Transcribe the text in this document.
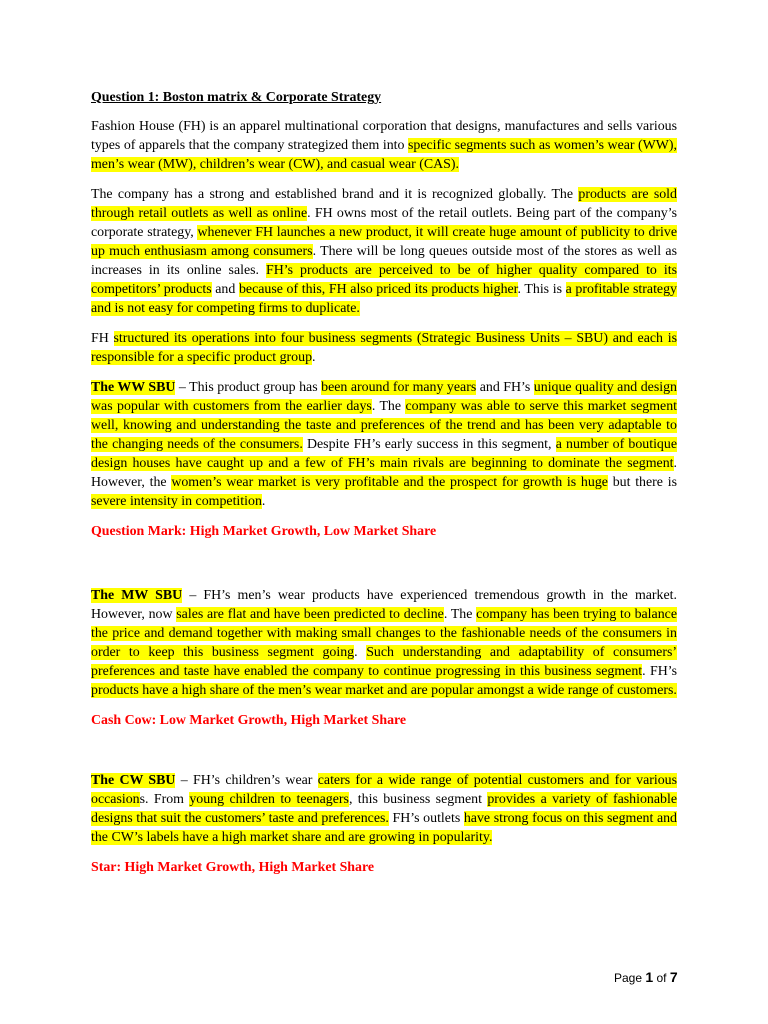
Question 1: Boston matrix & Corporate Strategy

Fashion House (FH) is an apparel multinational corporation that designs, manufactures and sells various types of apparels that the company strategized them into specific segments such as women’s wear (WW), men’s wear (MW), children’s wear (CW), and casual wear (CAS).

The company has a strong and established brand and it is recognized globally. The products are sold through retail outlets as well as online. FH owns most of the retail outlets. Being part of the company’s corporate strategy, whenever FH launches a new product, it will create huge amount of publicity to drive up much enthusiasm among consumers. There will be long queues outside most of the stores as well as increases in its online sales. FH’s products are perceived to be of higher quality compared to its competitors’ products and because of this, FH also priced its products higher. This is a profitable strategy and is not easy for competing firms to duplicate.

FH structured its operations into four business segments (Strategic Business Units – SBU) and each is responsible for a specific product group.

The WW SBU – This product group has been around for many years and FH’s unique quality and design was popular with customers from the earlier days. The company was able to serve this market segment well, knowing and understanding the taste and preferences of the trend and has been very adaptable to the changing needs of the consumers. Despite FH’s early success in this segment, a number of boutique design houses have caught up and a few of FH’s main rivals are beginning to dominate the segment. However, the women’s wear market is very profitable and the prospect for growth is huge but there is severe intensity in competition.

Question Mark: High Market Growth, Low Market Share

The MW SBU – FH’s men’s wear products have experienced tremendous growth in the market. However, now sales are flat and have been predicted to decline. The company has been trying to balance the price and demand together with making small changes to the fashionable needs of the consumers in order to keep this business segment going. Such understanding and adaptability of consumers’ preferences and taste have enabled the company to continue progressing in this business segment. FH’s products have a high share of the men’s wear market and are popular amongst a wide range of customers.

Cash Cow: Low Market Growth, High Market Share

The CW SBU – FH’s children’s wear caters for a wide range of potential customers and for various occasions. From young children to teenagers, this business segment provides a variety of fashionable designs that suit the customers’ taste and preferences. FH’s outlets have strong focus on this segment and the CW’s labels have a high market share and are growing in popularity.

Star: High Market Growth, High Market Share

Page 1 of 7
